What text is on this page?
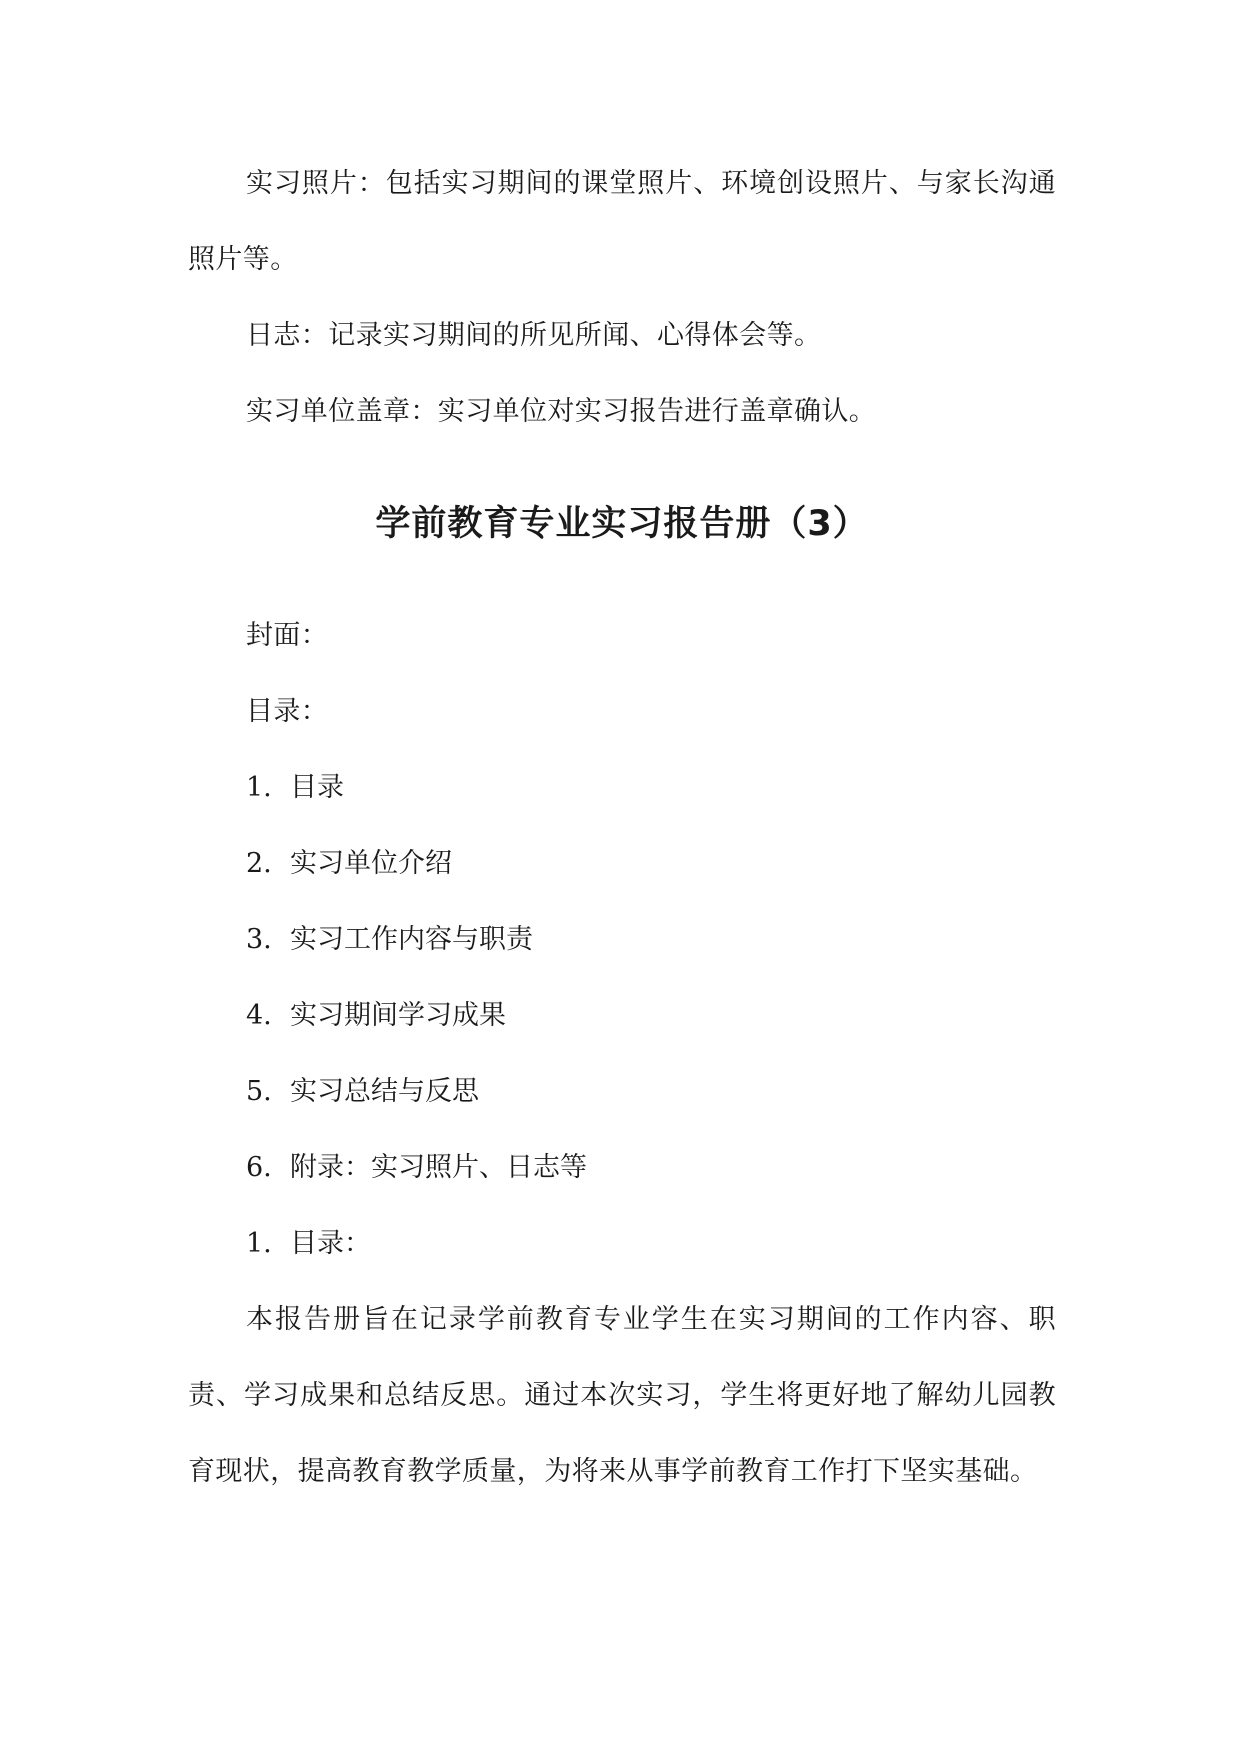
实习照片：包括实习期间的课堂照片、环境创设照片、与家长沟通照片等。

日志：记录实习期间的所见所闻、心得体会等。

实习单位盖章：实习单位对实习报告进行盖章确认。

学前教育专业实习报告册（3）

封面：

目录：

1. 目录

2. 实习单位介绍

3. 实习工作内容与职责

4. 实习期间学习成果

5. 实习总结与反思

6. 附录：实习照片、日志等

1. 目录：

本报告册旨在记录学前教育专业学生在实习期间的工作内容、职责、学习成果和总结反思。通过本次实习，学生将更好地了解幼儿园教育现状，提高教育教学质量，为将来从事学前教育工作打下坚实基础。
